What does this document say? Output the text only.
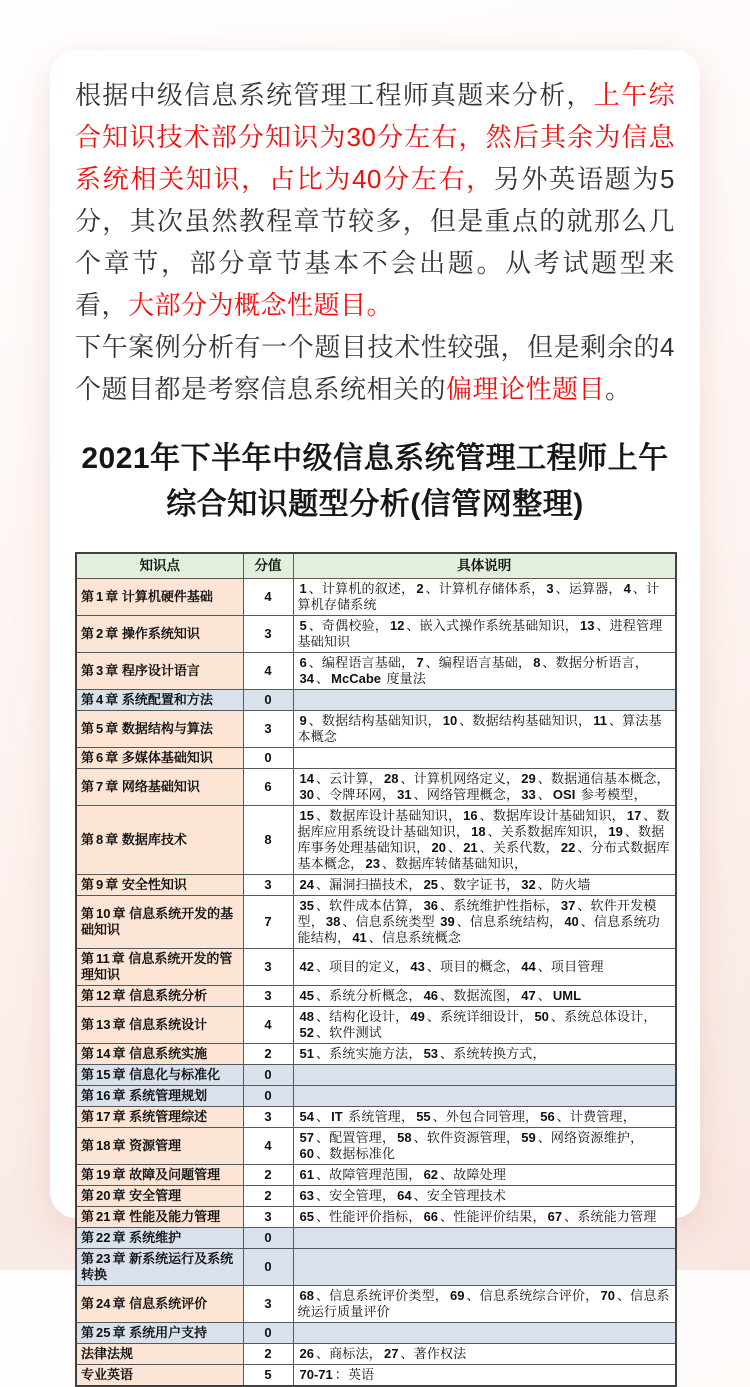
根据中级信息系统管理工程师真题来分析，上午综合知识技术部分知识为30分左右，然后其余为信息系统相关知识，占比为40分左右，另外英语题为5分，其次虽然教程章节较多，但是重点的就那么几个章节，部分章节基本不会出题。从考试题型来看，大部分为概念性题目。

下午案例分析有一个题目技术性较强，但是剩余的4个题目都是考察信息系统相关的偏理论性题目。

2021年下半年中级信息系统管理工程师上午综合知识题型分析(信管网整理)
知识点	分值	具体说明
第 1 章 计算机硬件基础	4	1 、计算机的叙述， 2 、计算机存储体系， 3 、运算器， 4 、计算机存储系统
第 2 章 操作系统知识	3	5 、奇偶校验， 12 、嵌入式操作系统基础知识， 13 、进程管理基础知识
第 3 章 程序设计语言	4	6 、编程语言基础， 7 、编程语言基础， 8 、数据分析语言，34 、 McCabe 度量法
第 4 章 系统配置和方法	0	
第 5 章 数据结构与算法	3	9 、数据结构基础知识， 10 、数据结构基础知识， 11 、算法基本概念
第 6 章 多媒体基础知识	0	
第 7 章 网络基础知识	6	14 、云计算， 28 、计算机网络定义， 29 、数据通信基本概念，30 、令牌环网， 31 、网络管理概念， 33 、 OSI 参考模型，
第 8 章 数据库技术	8	15 、数据库设计基础知识， 16 、数据库设计基础知识， 17 、数据库应用系统设计基础知识， 18 、关系数据库知识， 19 、数据库事务处理基础知识， 20 、 21 、关系代数， 22 、分布式数据库基本概念， 23 、数据库转储基础知识，
第 9 章 安全性知识	3	24 、漏洞扫描技术， 25 、数字证书， 32 、防火墙
第 10 章 信息系统开发的基础知识	7	35 、软件成本估算， 36 、系统维护性指标， 37 、软件开发模型， 38 、信息系统类型 39 、信息系统结构， 40 、信息系统功能结构， 41 、信息系统概念
第 11 章 信息系统开发的管理知识	3	42 、项目的定义， 43 、项目的概念， 44 、项目管理
第 12 章 信息系统分析	3	45 、系统分析概念， 46 、数据流图， 47 、 UML
第 13 章 信息系统设计	4	48 、结构化设计， 49 、系统详细设计， 50 、系统总体设计，52 、软件测试
第 14 章 信息系统实施	2	51 、系统实施方法， 53 、系统转换方式，
第 15 章 信息化与标准化	0	
第 16 章 系统管理规划	0	
第 17 章 系统管理综述	3	54 、 IT 系统管理， 55 、外包合同管理， 56 、计费管理，
第 18 章 资源管理	4	57 、配置管理， 58 、软件资源管理， 59 、网络资源维护，60 、数据标准化
第 19 章 故障及问题管理	2	61 、故障管理范围， 62 、故障处理
第 20 章 安全管理	2	63 、安全管理， 64 、安全管理技术
第 21 章 性能及能力管理	3	65 、性能评价指标， 66 、性能评价结果， 67 、系统能力管理
第 22 章 系统维护	0	
第 23 章 新系统运行及系统转换	0	
第 24 章 信息系统评价	3	68 、信息系统评价类型， 69 、信息系统综合评价， 70 、信息系统运行质量评价
第 25 章 系统用户支持	0	
法律法规	2	26 、商标法， 27 、著作权法
专业英语	5	70-71 ：英语
